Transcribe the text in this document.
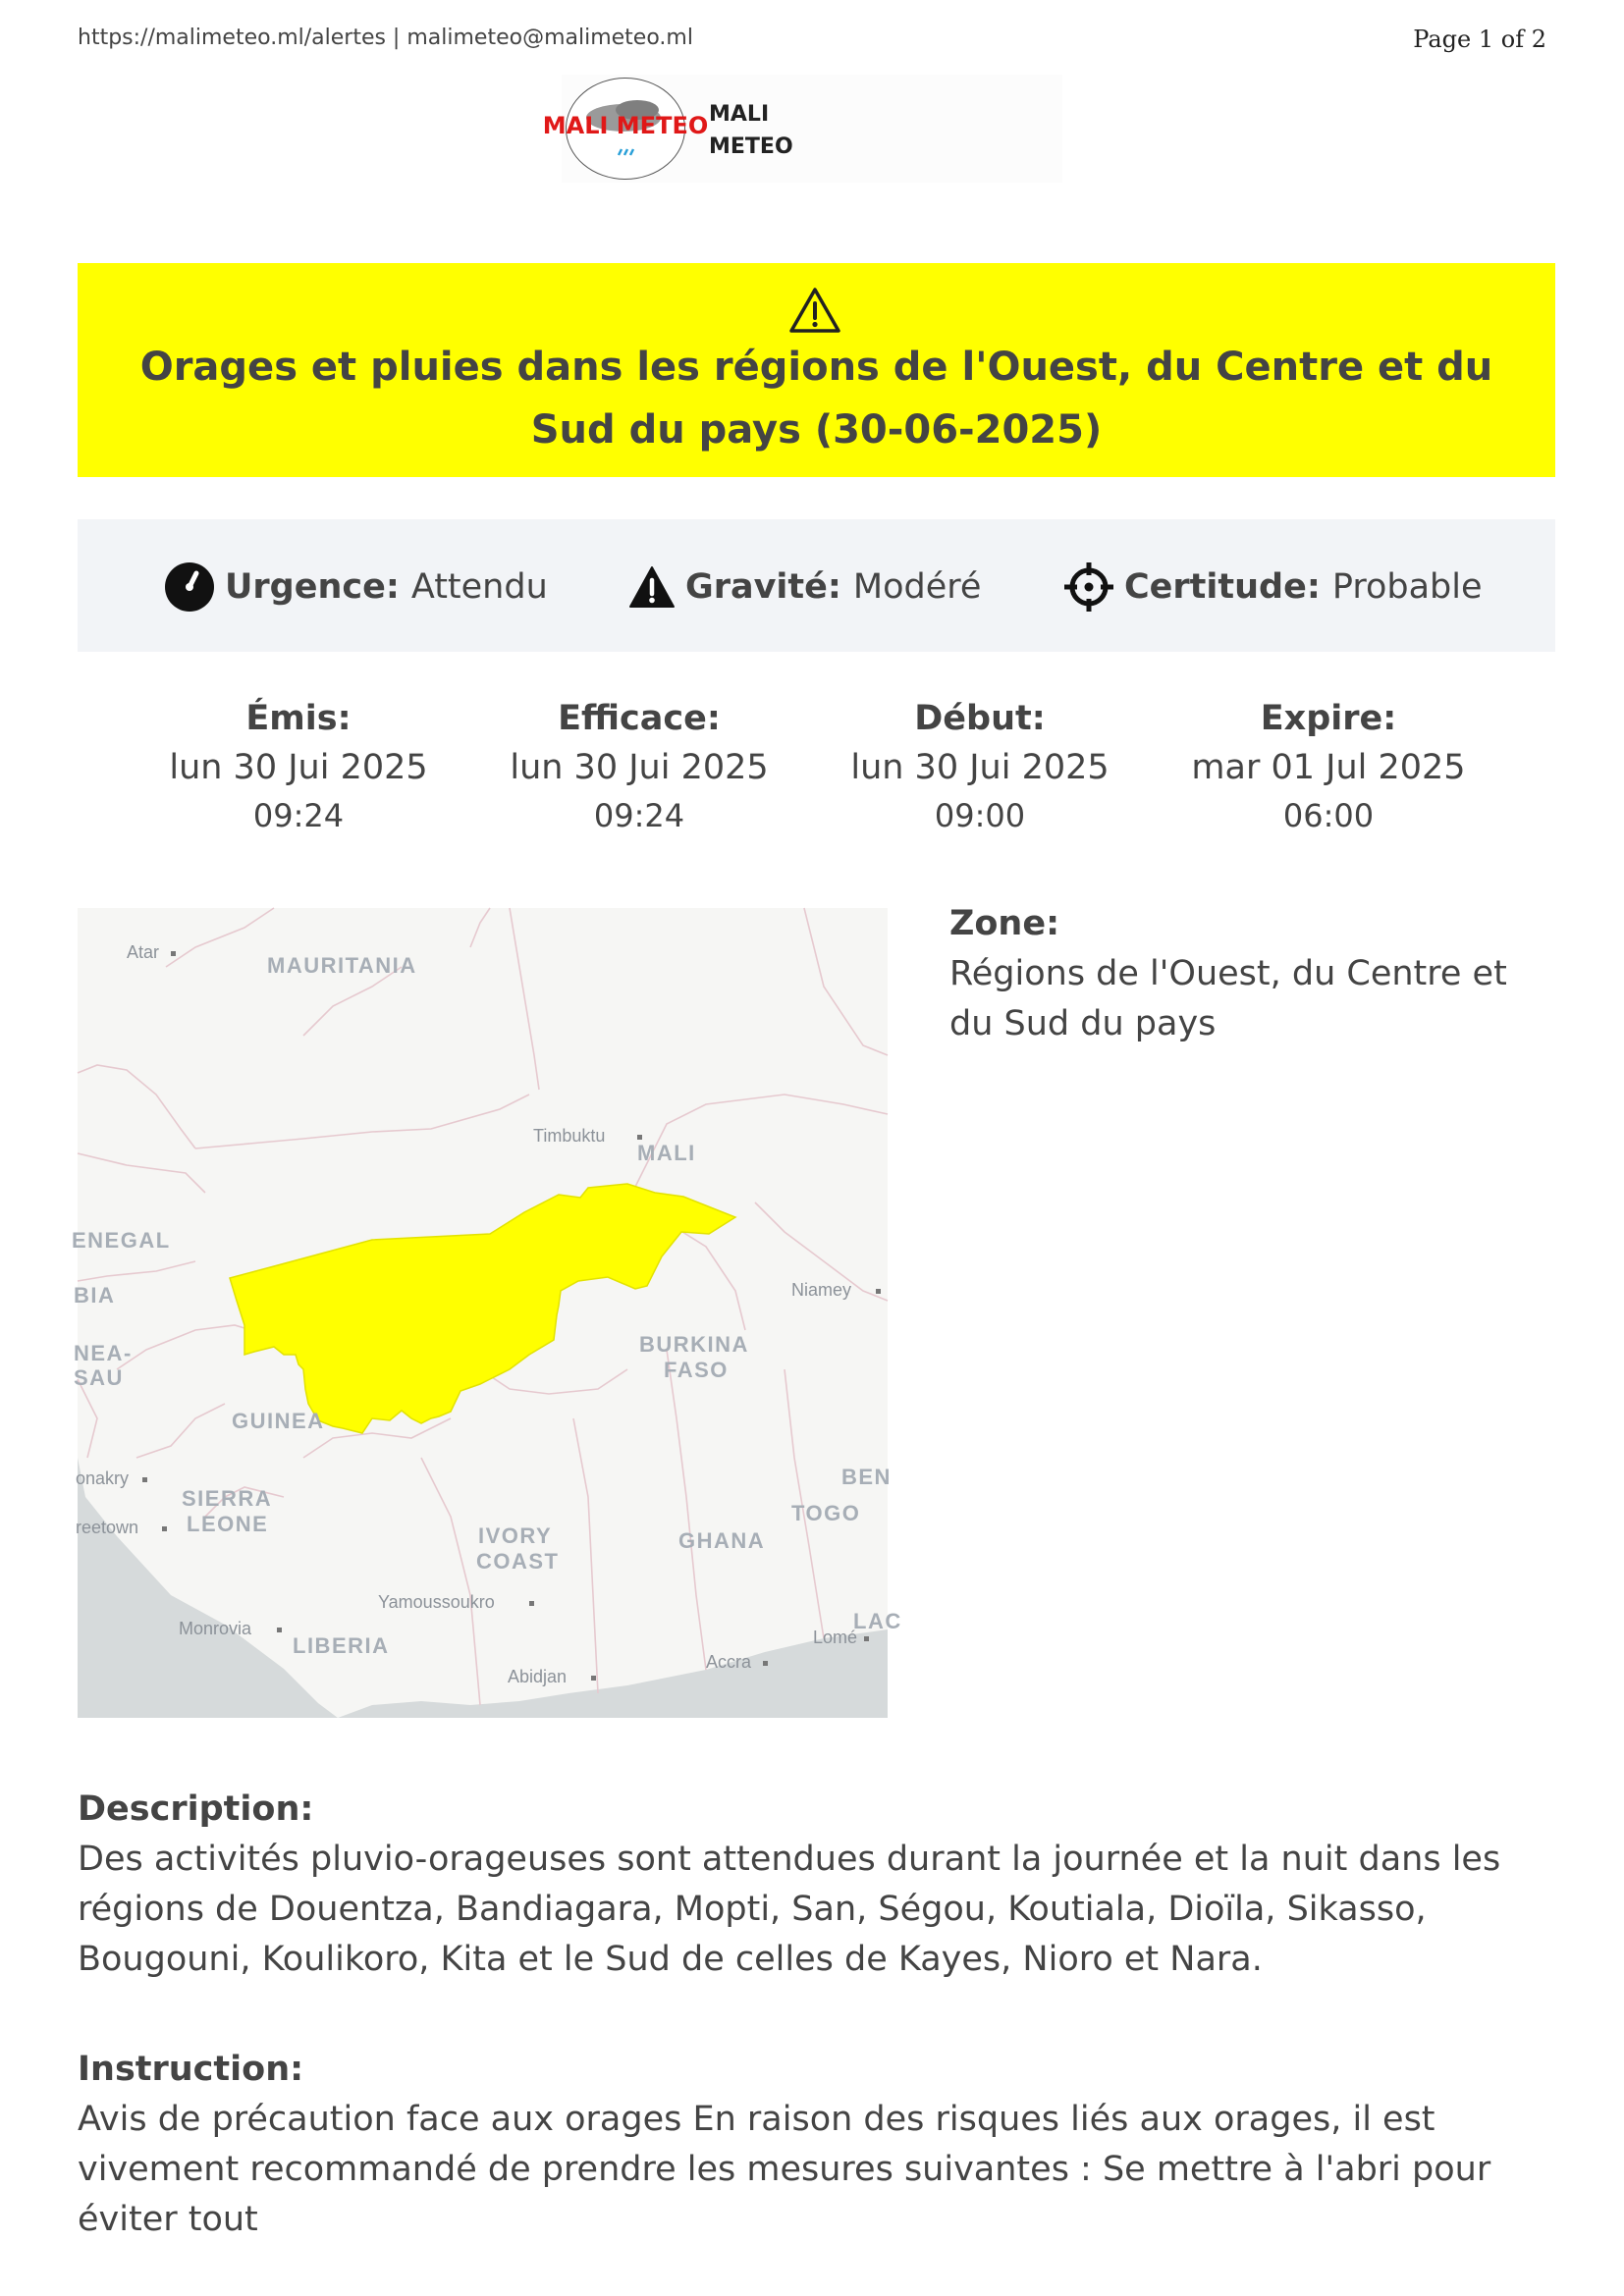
https://malimeteo.ml/alertes | malimeteo@malimeteo.ml	Page 1 of 2
MALI METEO MALI
METEO
Orages et pluies dans les régions de l'Ouest, du Centre et du Sud du pays (30-06-2025)
Urgence: Attendu	Gravité: Modéré	Certitude: Probable
Émis:
lun 30 Jui 2025
09:24
Efficace:
lun 30 Jui 2025
09:24
Début:
lun 30 Jui 2025
09:00
Expire:
mar 01 Jul 2025
06:00
MAURITANIA
MALI
ENEGAL
BIA
NEA-
SAU
BURKINA
FASO
GUINEA
BEN
SIERRA
LEONE	TOGO
IVORY
COAST
GHANA
LAC
LIBERIA
Atar
Timbuktu
Niamey
onakry
reetown
Yamoussoukro
Monrovia	Lomé
Accra
Abidjan
Zone:
Régions de l'Ouest, du Centre et du Sud du pays
Description:
Des activités pluvio-orageuses sont attendues durant la journée et la nuit dans les régions de Douentza, Bandiagara, Mopti, San, Ségou, Koutiala, Dioïla, Sikasso, Bougouni, Koulikoro, Kita et le Sud de celles de Kayes, Nioro et Nara.
Instruction:
Avis de précaution face aux orages En raison des risques liés aux orages, il est vivement recommandé de prendre les mesures suivantes : Se mettre à l'abri pour éviter tout
